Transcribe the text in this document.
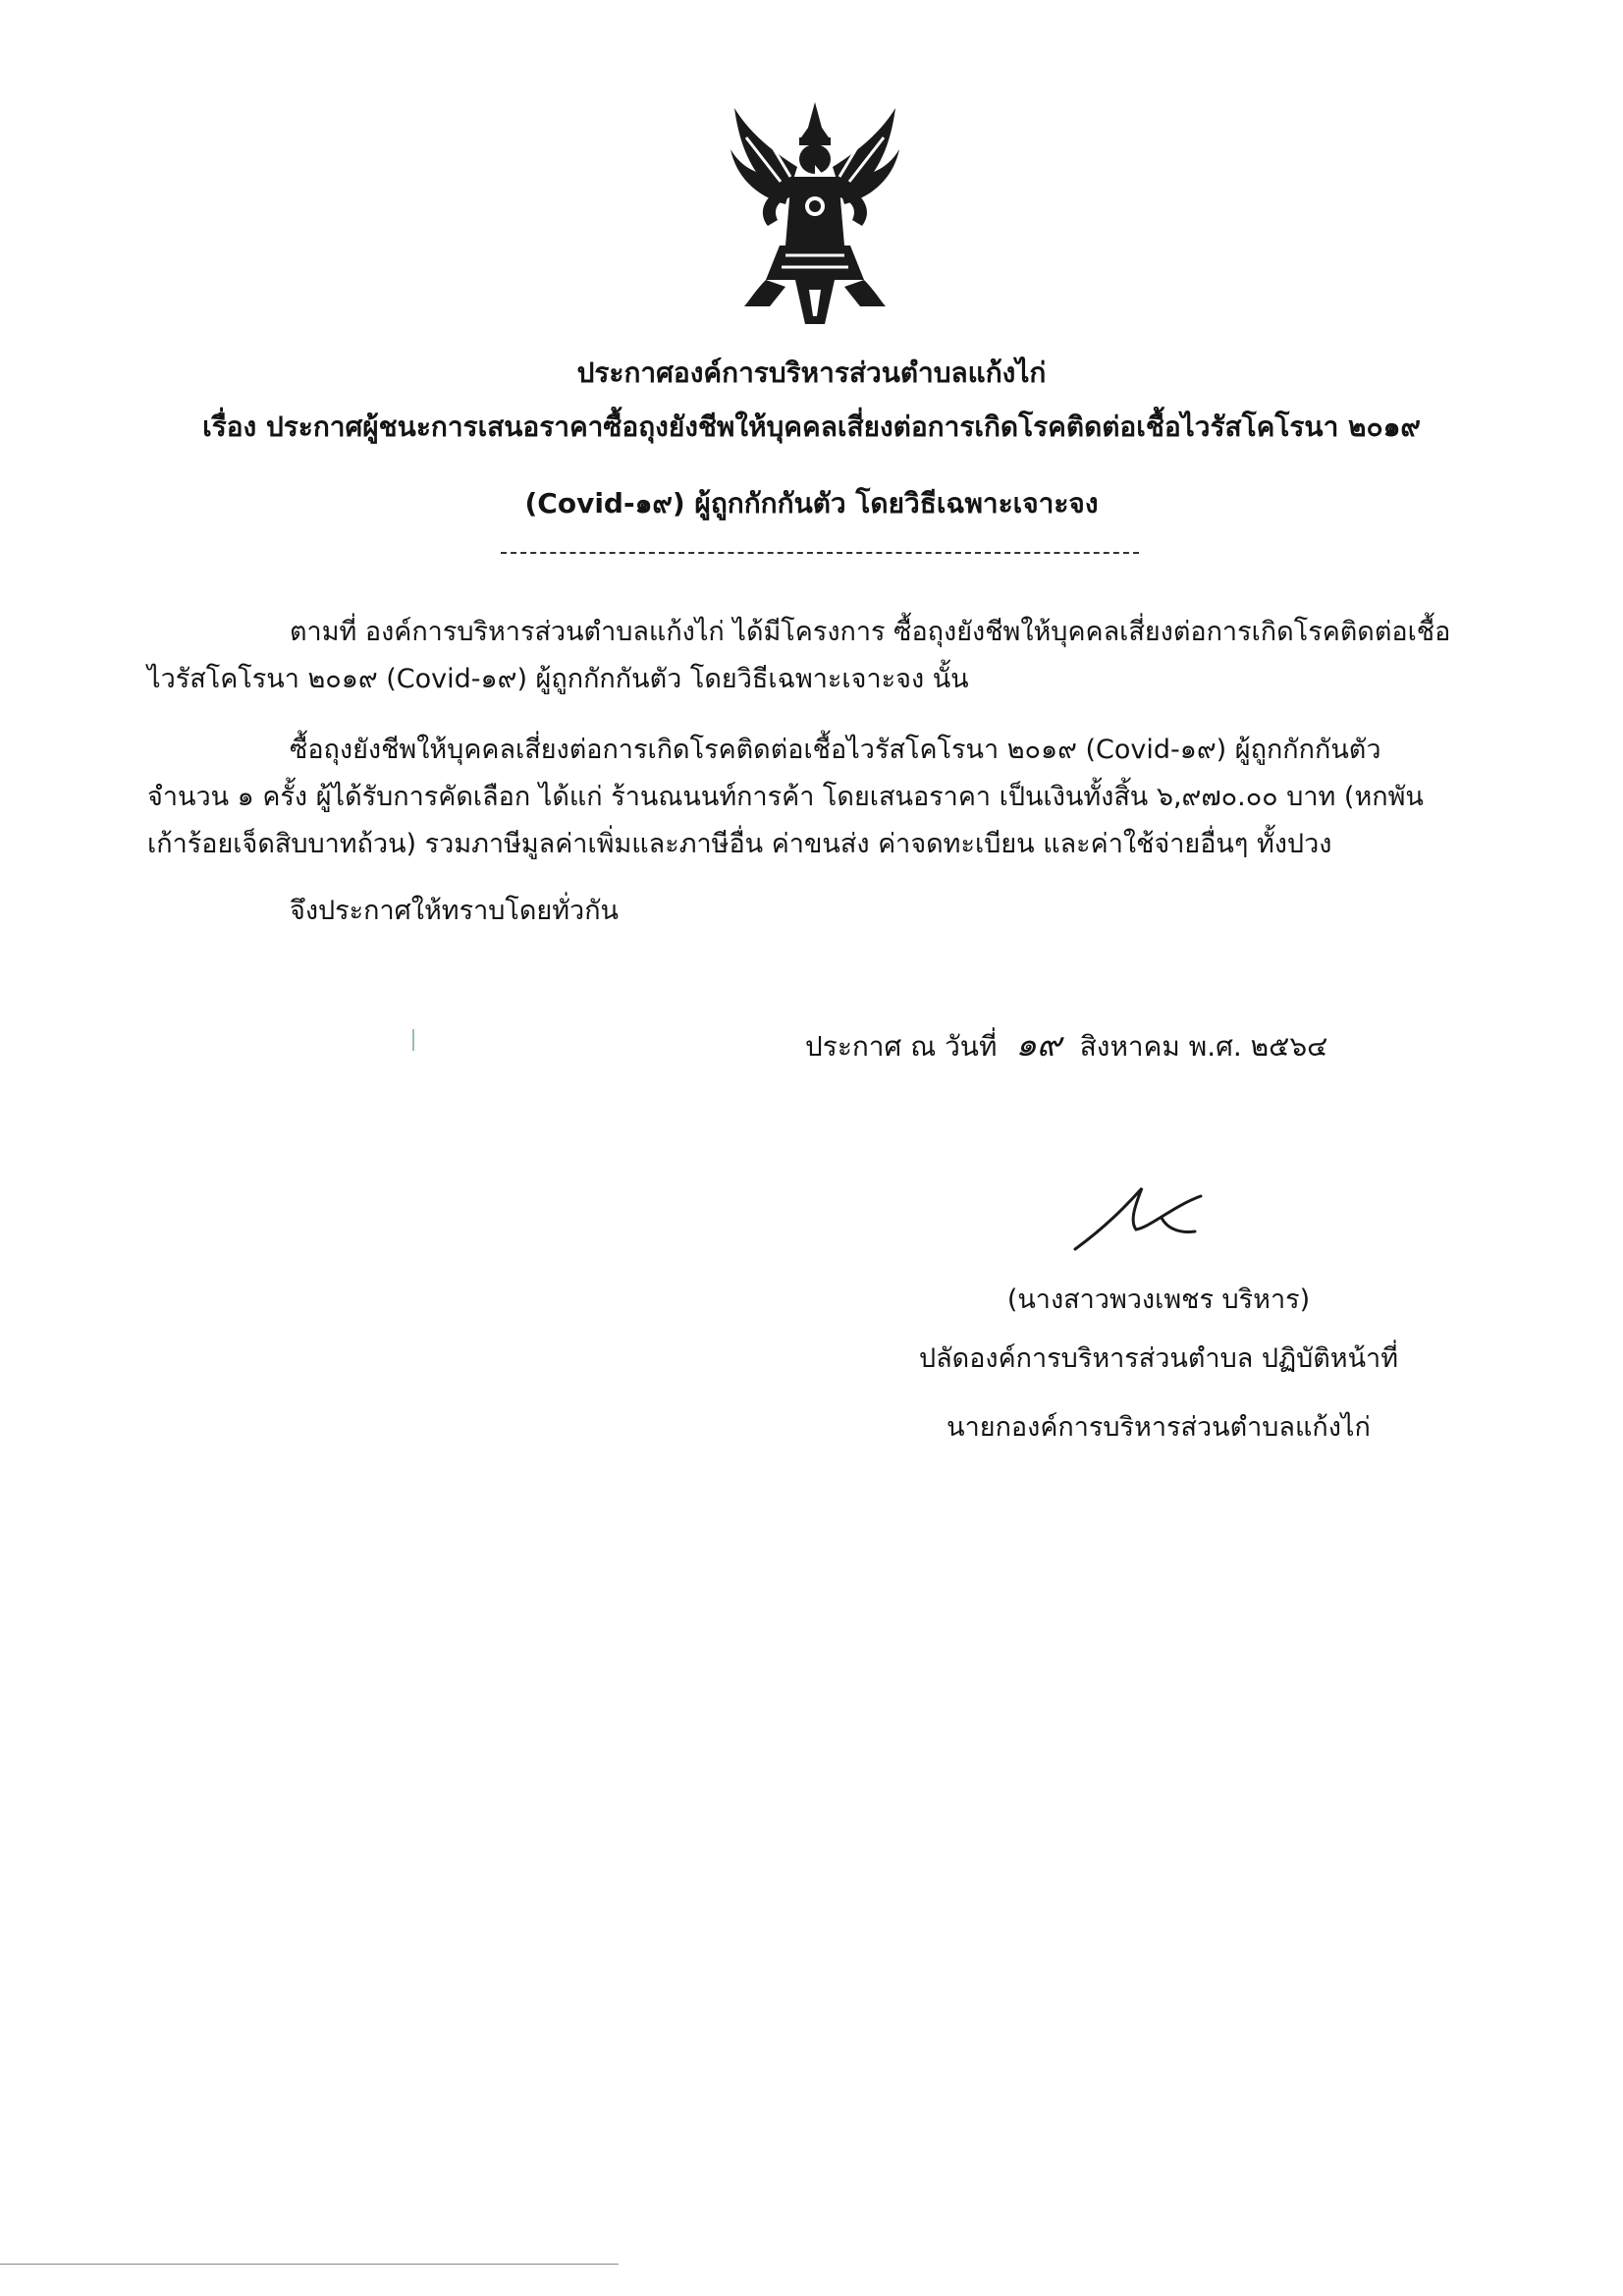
ประกาศองค์การบริหารส่วนตำบลแก้งไก่
เรื่อง ประกาศผู้ชนะการเสนอราคาซื้อถุงยังชีพให้บุคคลเสี่ยงต่อการเกิดโรคติดต่อเชื้อไวรัสโคโรนา ๒๐๑๙
(Covid-๑๙) ผู้ถูกกักกันตัว โดยวิธีเฉพาะเจาะจง
ตามที่ องค์การบริหารส่วนตำบลแก้งไก่ ได้มีโครงการ ซื้อถุงยังชีพให้บุคคลเสี่ยงต่อการเกิดโรคติดต่อเชื้อไวรัสโคโรนา ๒๐๑๙ (Covid-๑๙) ผู้ถูกกักกันตัว โดยวิธีเฉพาะเจาะจง นั้น
ซื้อถุงยังชีพให้บุคคลเสี่ยงต่อการเกิดโรคติดต่อเชื้อไวรัสโคโรนา ๒๐๑๙ (Covid-๑๙) ผู้ถูกกักกันตัว จำนวน ๑ ครั้ง ผู้ได้รับการคัดเลือก ได้แก่ ร้านณนนท์การค้า โดยเสนอราคา เป็นเงินทั้งสิ้น ๖,๙๗๐.๐๐ บาท (หกพันเก้าร้อยเจ็ดสิบบาทถ้วน) รวมภาษีมูลค่าเพิ่มและภาษีอื่น ค่าขนส่ง ค่าจดทะเบียน และค่าใช้จ่ายอื่นๆ ทั้งปวง
จึงประกาศให้ทราบโดยทั่วกัน
ประกาศ ณ วันที่ ๑๙ สิงหาคม พ.ศ. ๒๕๖๔
(นางสาวพวงเพชร บริหาร)
ปลัดองค์การบริหารส่วนตำบล ปฏิบัติหน้าที่
นายกองค์การบริหารส่วนตำบลแก้งไก่
